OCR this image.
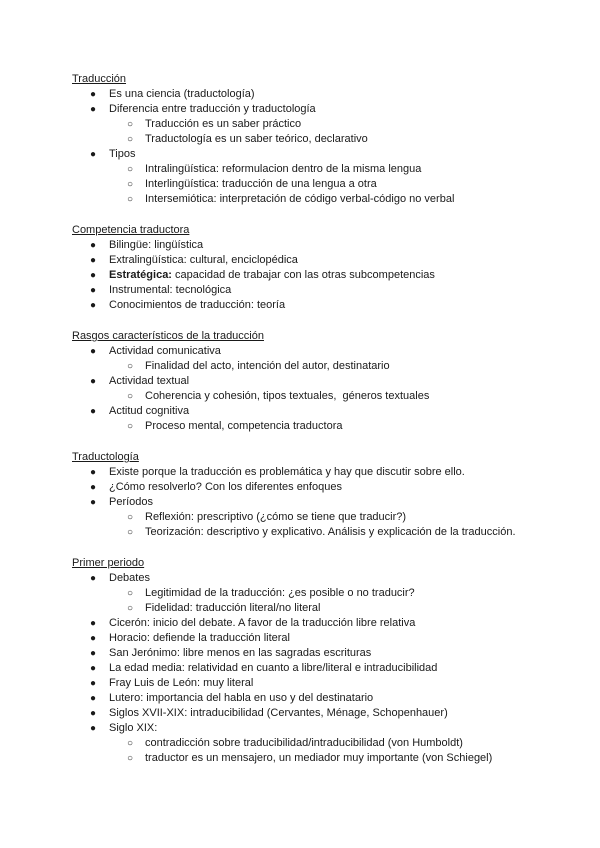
Traducción
● Es una ciencia (traductología)
● Diferencia entre traducción y traductología
○ Traducción es un saber práctico
○ Traductología es un saber teórico, declarativo
● Tipos
○ Intralingüística: reformulacion dentro de la misma lengua
○ Interlingüística: traducción de una lengua a otra
○ Intersemiótica: interpretación de código verbal-código no verbal
Competencia traductora
● Bilingüe: lingüística
● Extralingüística: cultural, enciclopédica
● Estratégica: capacidad de trabajar con las otras subcompetencias
● Instrumental: tecnológica
● Conocimientos de traducción: teoría
Rasgos característicos de la traducción
● Actividad comunicativa
○ Finalidad del acto, intención del autor, destinatario
● Actividad textual
○ Coherencia y cohesión, tipos textuales,  géneros textuales
● Actitud cognitiva
○ Proceso mental, competencia traductora
Traductología
● Existe porque la traducción es problemática y hay que discutir sobre ello.
● ¿Cómo resolverlo? Con los diferentes enfoques
● Períodos
○ Reflexión: prescriptivo (¿cómo se tiene que traducir?)
○ Teorización: descriptivo y explicativo. Análisis y explicación de la traducción.
Primer periodo
● Debates
○ Legitimidad de la traducción: ¿es posible o no traducir?
○ Fidelidad: traducción literal/no literal
● Cicerón: inicio del debate. A favor de la traducción libre relativa
● Horacio: defiende la traducción literal
● San Jerónimo: libre menos en las sagradas escrituras
● La edad media: relatividad en cuanto a libre/literal e intraducibilidad
● Fray Luis de León: muy literal
● Lutero: importancia del habla en uso y del destinatario
● Siglos XVII-XIX: intraducibilidad (Cervantes, Ménage, Schopenhauer)
● Siglo XIX:
○ contradicción sobre traducibilidad/intraducibilidad (von Humboldt)
○ traductor es un mensajero, un mediador muy importante (von Schiegel)
